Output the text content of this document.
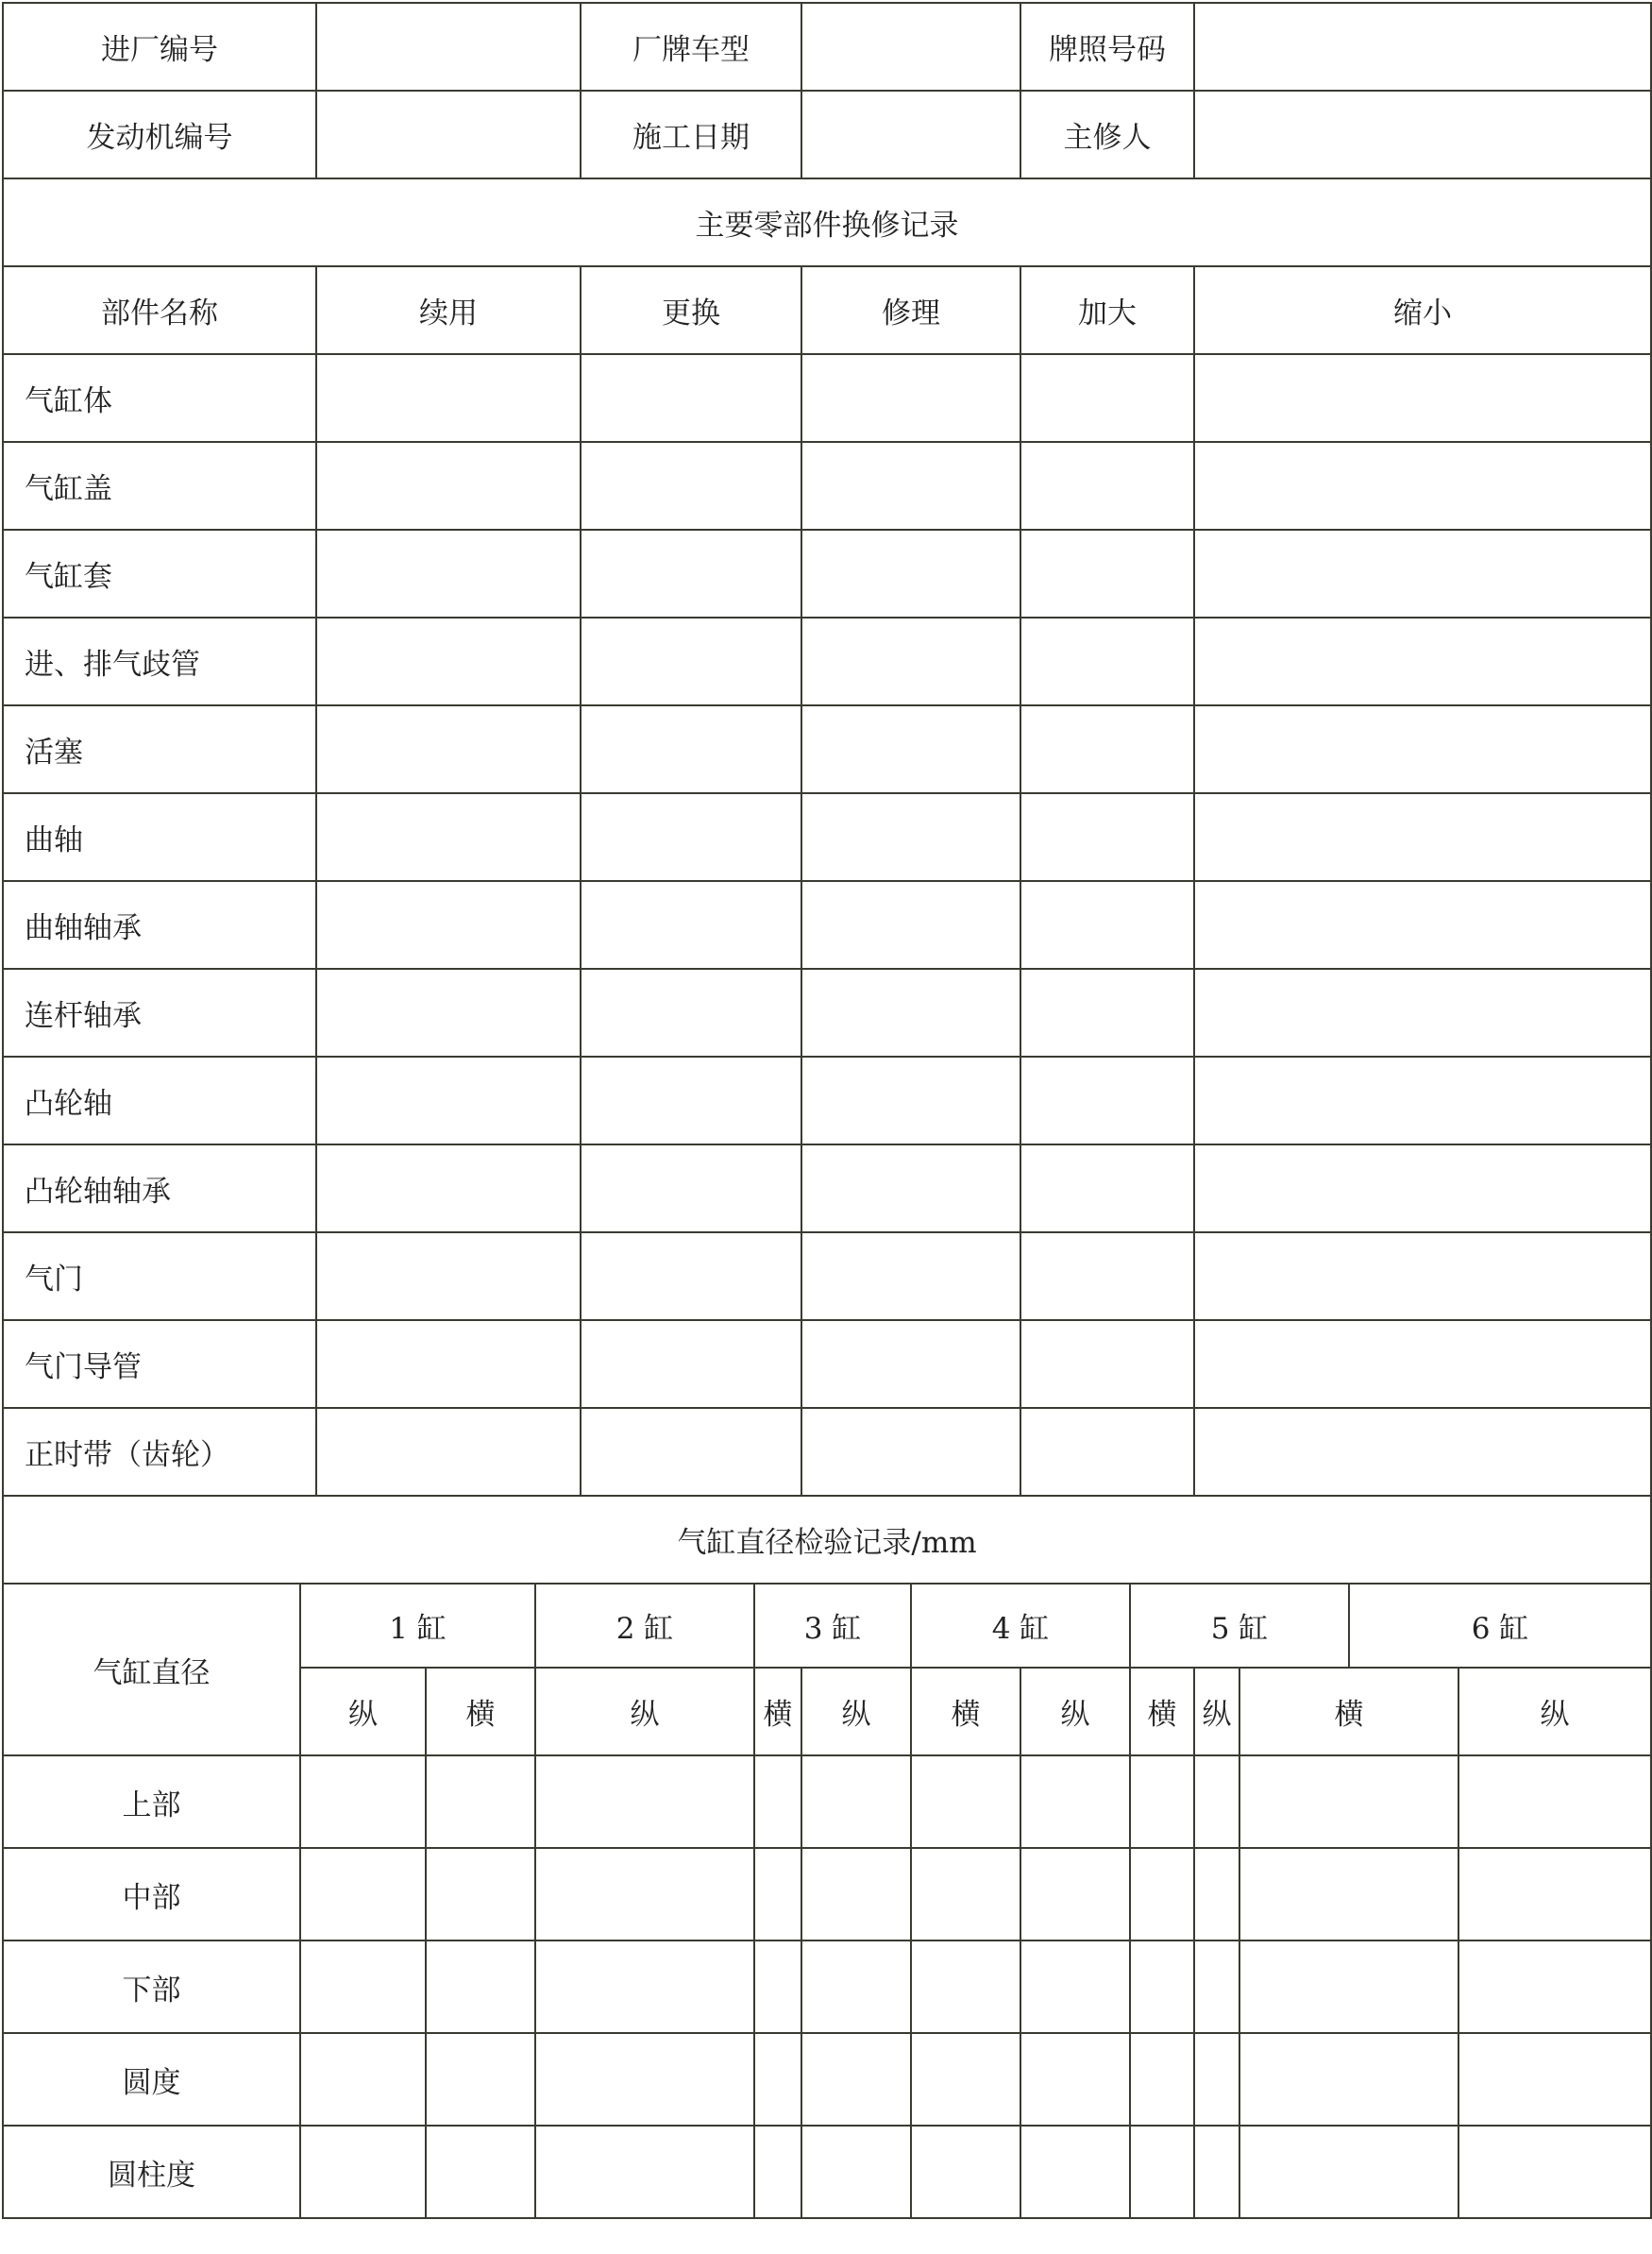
进厂编号					厂牌车型				牌照号码						
发动机编号					施工日期				主修人						
主要零部件换修记录															
部件名称		续用			更换		修理		加大		缩小				
气缸体															
气缸盖															
气缸套															
进、排气歧管															
活塞															
曲轴															
曲轴轴承															
连杆轴承															
凸轮轴															
凸轮轴轴承															
气门															
气门导管															
正时带（齿轮）															
气缸直径检验记录/mm															
气缸直径	1 缸			2 缸		3 缸		4 缸		5 缸			6 缸		
	纵		横	纵		横	纵	横	纵	横	纵	横		纵	
上部															
中部															
下部															
圆度															
圆柱度															
